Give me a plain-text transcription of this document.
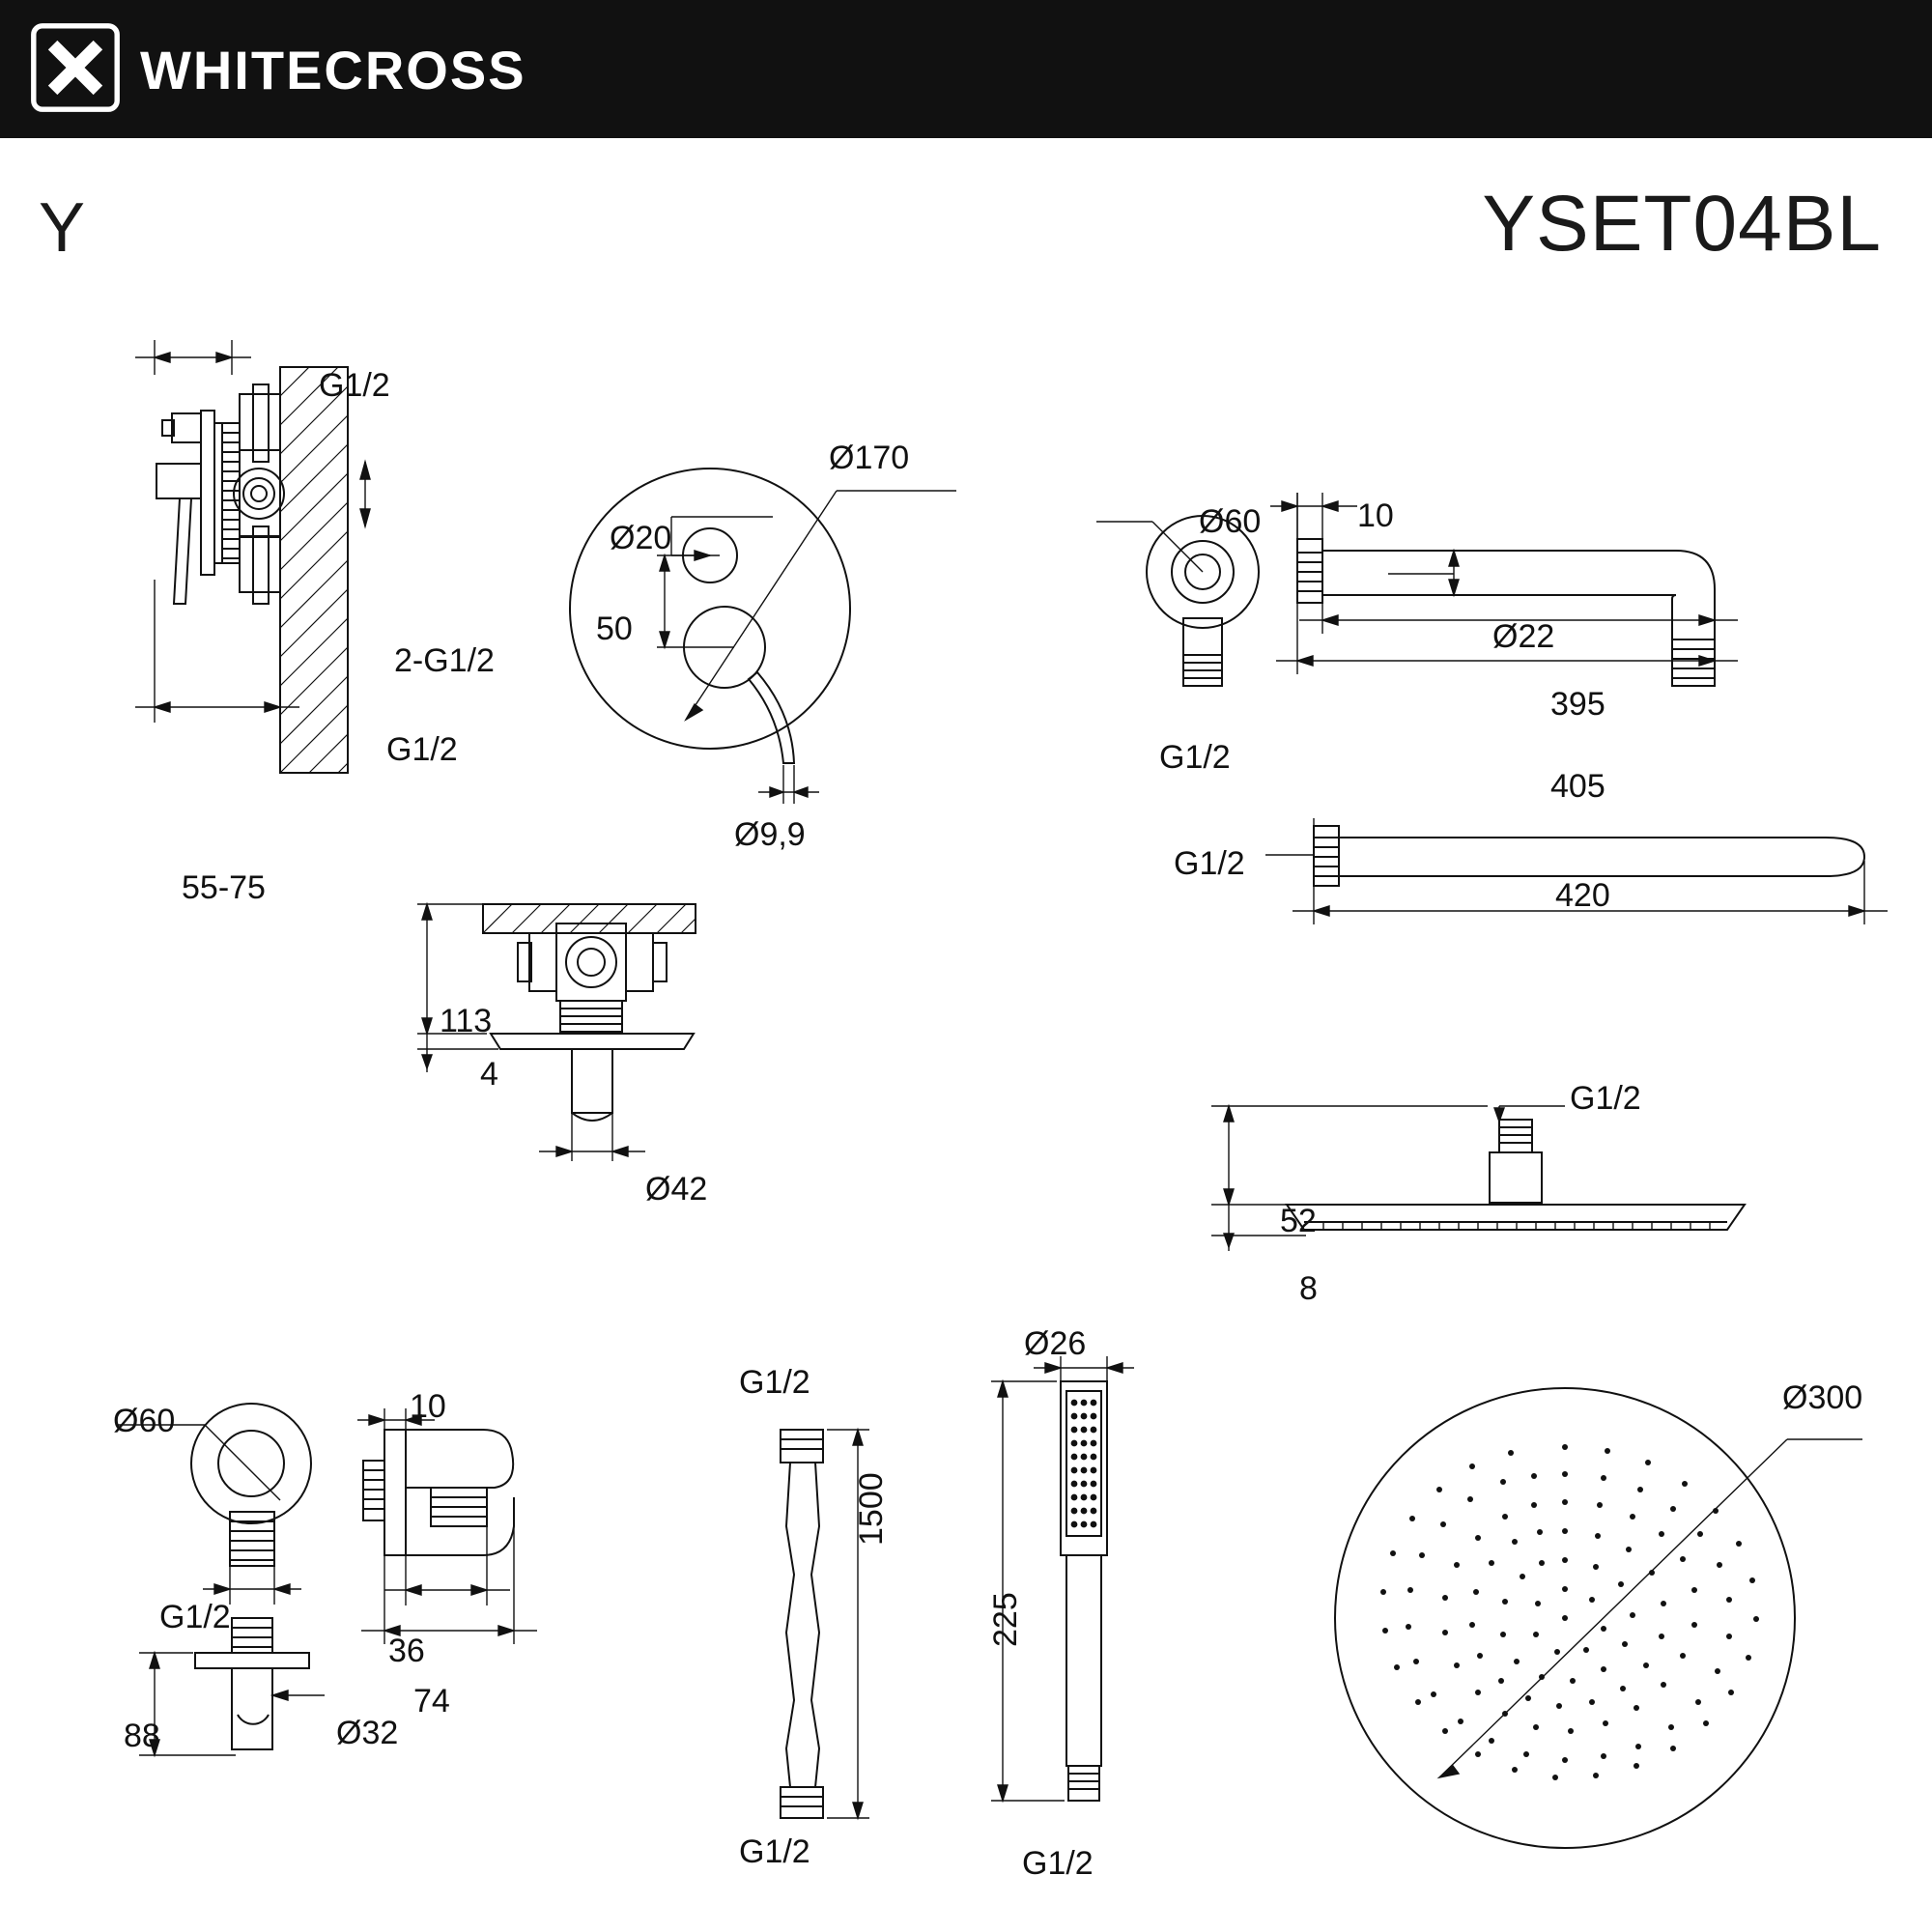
WHITECROSS
Y	YSET04BL
G1/2
2-G1/2
G1/2
55-75
Ø170
Ø20
50
Ø9,9
113
4
Ø42
Ø60	10
Ø22
395
405
G1/2
G1/2
420
G1/2
52
8
Ø300
Ø60
G1/2
88	Ø32
10
36
74
G1/2
1500
G1/2
Ø26
225
G1/2
